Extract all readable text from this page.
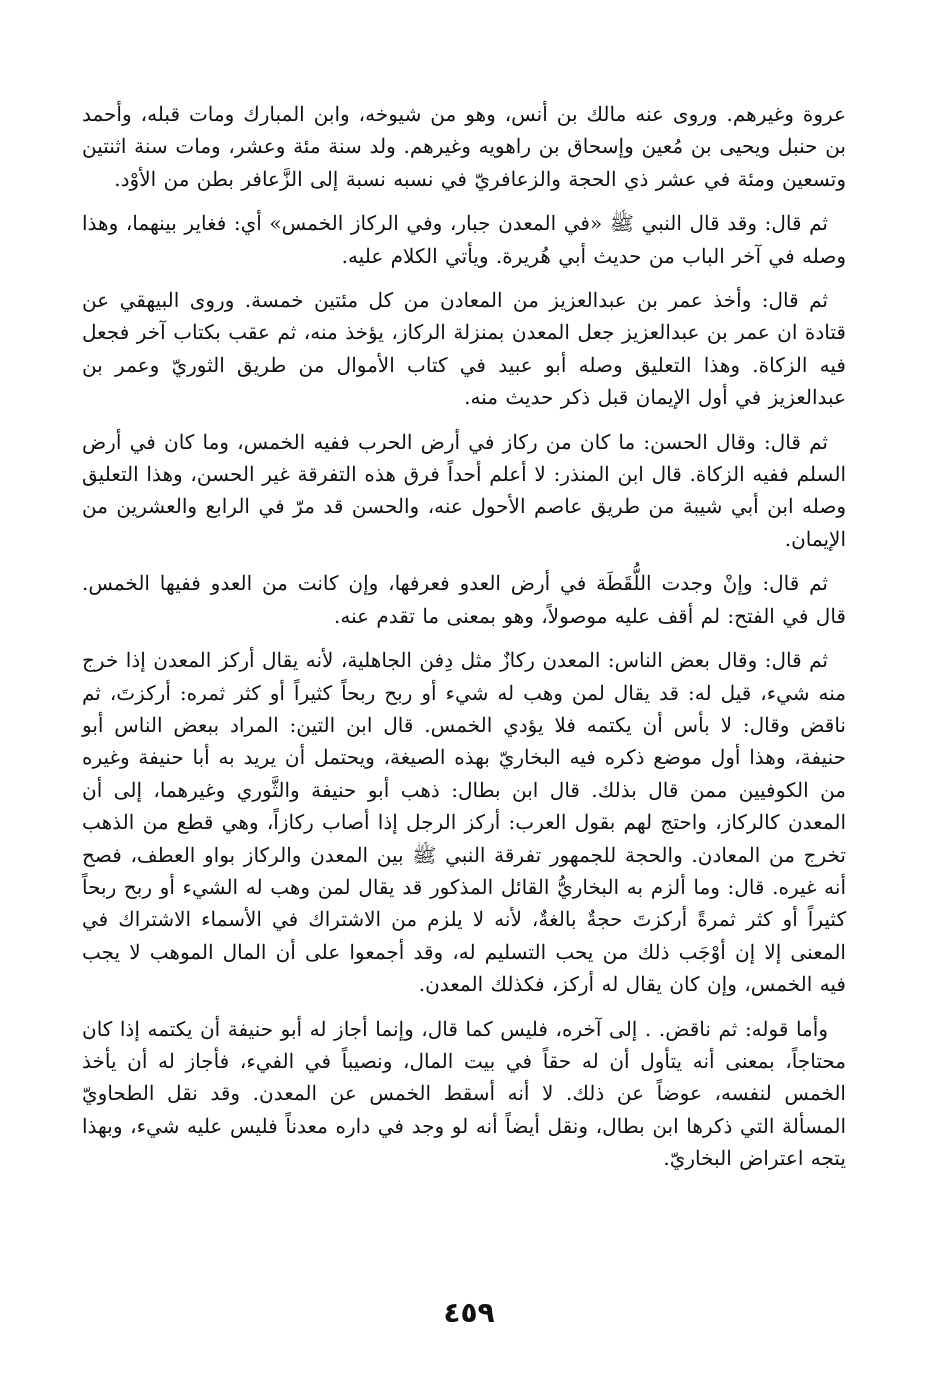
عروة وغيرهم. وروى عنه مالك بن أنس، وهو من شيوخه، وابن المبارك ومات قبله، وأحمد بن حنبل ويحيى بن مُعين وإسحاق بن راهويه وغيرهم. ولد سنة مئة وعشر، ومات سنة اثنتين وتسعين ومئة في عشر ذي الحجة والزعافريّ في نسبه نسبة إلى الزَّعافر بطن من الأوْد.

ثم قال: وقد قال النبي ﷺ «في المعدن جبار، وفي الركاز الخمس» أي: فغاير بينهما، وهذا وصله في آخر الباب من حديث أبي هُريرة. ويأتي الكلام عليه.

ثم قال: وأخذ عمر بن عبدالعزيز من المعادن من كل مئتين خمسة. وروى البيهقي عن قتادة ان عمر بن عبدالعزيز جعل المعدن بمنزلة الركاز، يؤخذ منه، ثم عقب بكتاب آخر فجعل فيه الزكاة. وهذا التعليق وصله أبو عبيد في كتاب الأموال من طريق الثوريّ وعمر بن عبدالعزيز في أول الإيمان قبل ذكر حديث منه.

ثم قال: وقال الحسن: ما كان من ركاز في أرض الحرب ففيه الخمس، وما كان في أرض السلم ففيه الزكاة. قال ابن المنذر: لا أعلم أحداً فرق هذه التفرقة غير الحسن، وهذا التعليق وصله ابن أبي شيبة من طريق عاصم الأحول عنه، والحسن قد مرّ في الرابع والعشرين من الإيمان.

ثم قال: وإنْ وجدت اللُّقَطَة في أرض العدو فعرفها، وإن كانت من العدو ففيها الخمس. قال في الفتح: لم أقف عليه موصولاً، وهو بمعنى ما تقدم عنه.

ثم قال: وقال بعض الناس: المعدن ركازٌ مثل دِفن الجاهلية، لأنه يقال أركز المعدن إذا خرج منه شيء، قيل له: قد يقال لمن وهب له شيء أو ربح ربحاً كثيراً أو كثر ثمره: أركزتَ، ثم ناقض وقال: لا بأس أن يكتمه فلا يؤدي الخمس. قال ابن التين: المراد ببعض الناس أبو حنيفة، وهذا أول موضع ذكره فيه البخاريّ بهذه الصيغة، ويحتمل أن يريد به أبا حنيفة وغيره من الكوفيين ممن قال بذلك. قال ابن بطال: ذهب أبو حنيفة والثَّوري وغيرهما، إلى أن المعدن كالركاز، واحتج لهم بقول العرب: أركز الرجل إذا أصاب ركازاً، وهي قطع من الذهب تخرج من المعادن. والحجة للجمهور تفرقة النبي ﷺ بين المعدن والركاز بواو العطف، فصح أنه غيره. قال: وما ألزم به البخاريُّ القائل المذكور قد يقال لمن وهب له الشيء أو ربح ربحاً كثيراً أو كثر ثمرةً أركزتَ حجةٌ بالغةٌ، لأنه لا يلزم من الاشتراك في الأسماء الاشتراك في المعنى إلا إن أوْجَب ذلك من يحب التسليم له، وقد أجمعوا على أن المال الموهب لا يجب فيه الخمس، وإن كان يقال له أركز، فكذلك المعدن.

وأما قوله: ثم ناقض. . إلى آخره، فليس كما قال، وإنما أجاز له أبو حنيفة أن يكتمه إذا كان محتاجاً، بمعنى أنه يتأول أن له حقاً في بيت المال، ونصيباً في الفيء، فأجاز له أن يأخذ الخمس لنفسه، عوضاً عن ذلك. لا أنه أسقط الخمس عن المعدن. وقد نقل الطحاويّ المسألة التي ذكرها ابن بطال، ونقل أيضاً أنه لو وجد في داره معدناً فليس عليه شيء، وبهذا يتجه اعتراض البخاريّ.

٤٥٩
